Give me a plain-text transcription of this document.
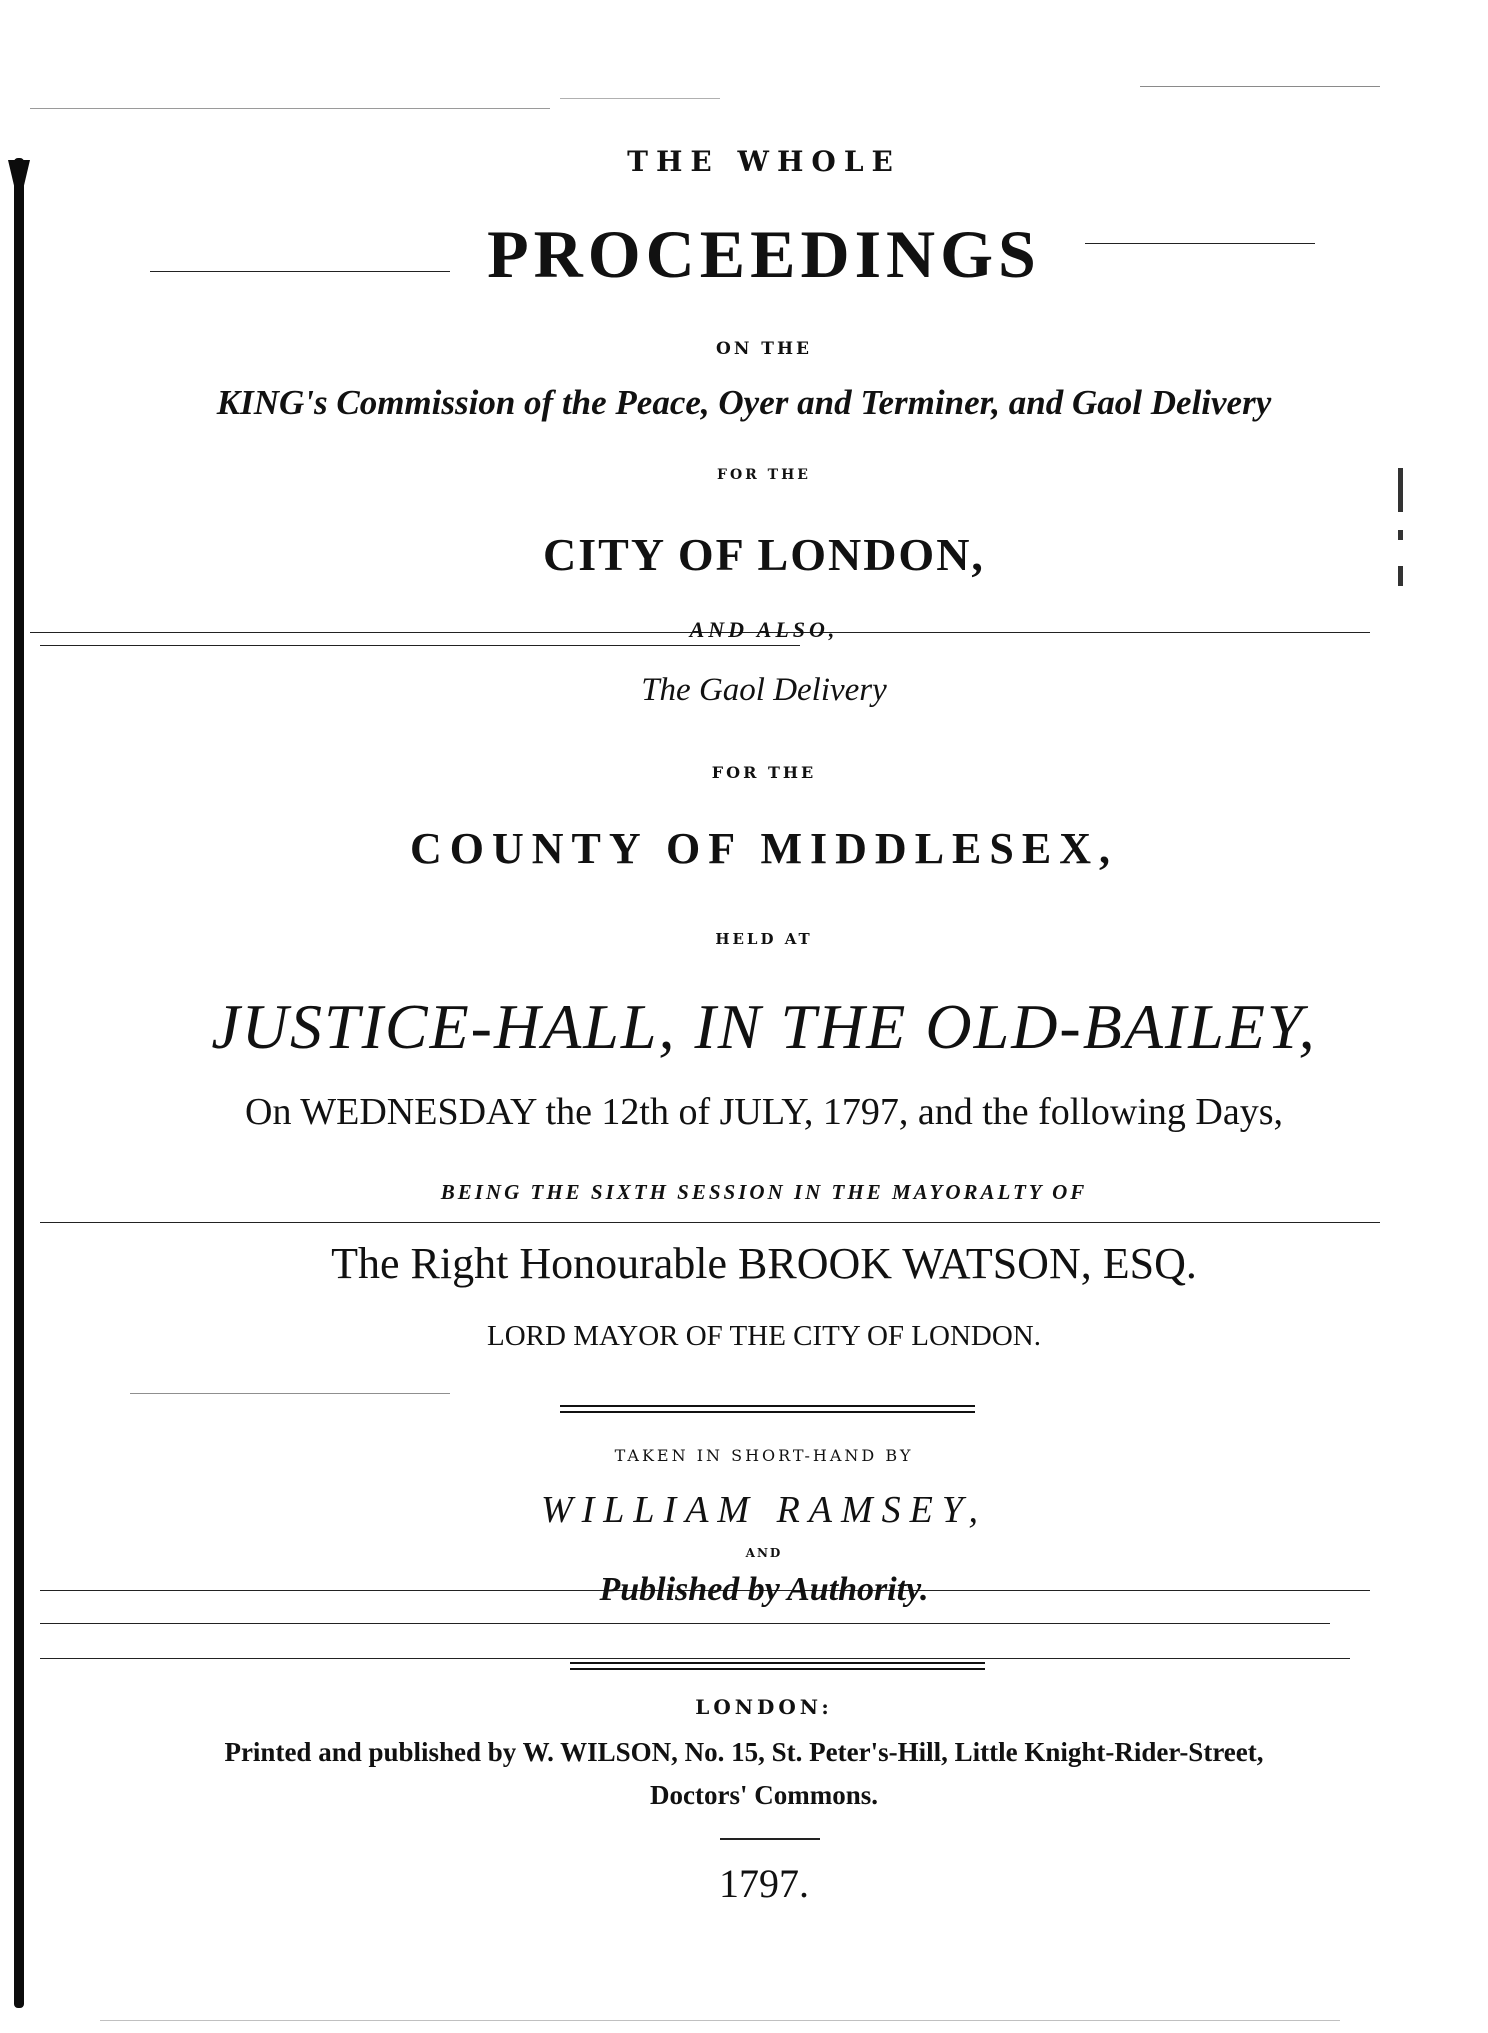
THE WHOLE

PROCEEDINGS

ON THE

KING's Commission of the Peace, Oyer and Terminer, and Gaol Delivery

FOR THE

CITY OF LONDON,

AND ALSO,

The Gaol Delivery

FOR THE

COUNTY OF MIDDLESEX,

HELD AT

JUSTICE-HALL, IN THE OLD-BAILEY,

On WEDNESDAY the 12th of JULY, 1797, and the following Days,

BEING THE SIXTH SESSION IN THE MAYORALTY OF

The Right Honourable BROOK WATSON, ESQ.

LORD MAYOR OF THE CITY OF LONDON.

TAKEN IN SHORT-HAND BY

WILLIAM RAMSEY,

AND

Published by Authority.

LONDON:

Printed and published by W. WILSON, No. 15, St. Peter's-Hill, Little Knight-Rider-Street,

Doctors' Commons.

1797.
